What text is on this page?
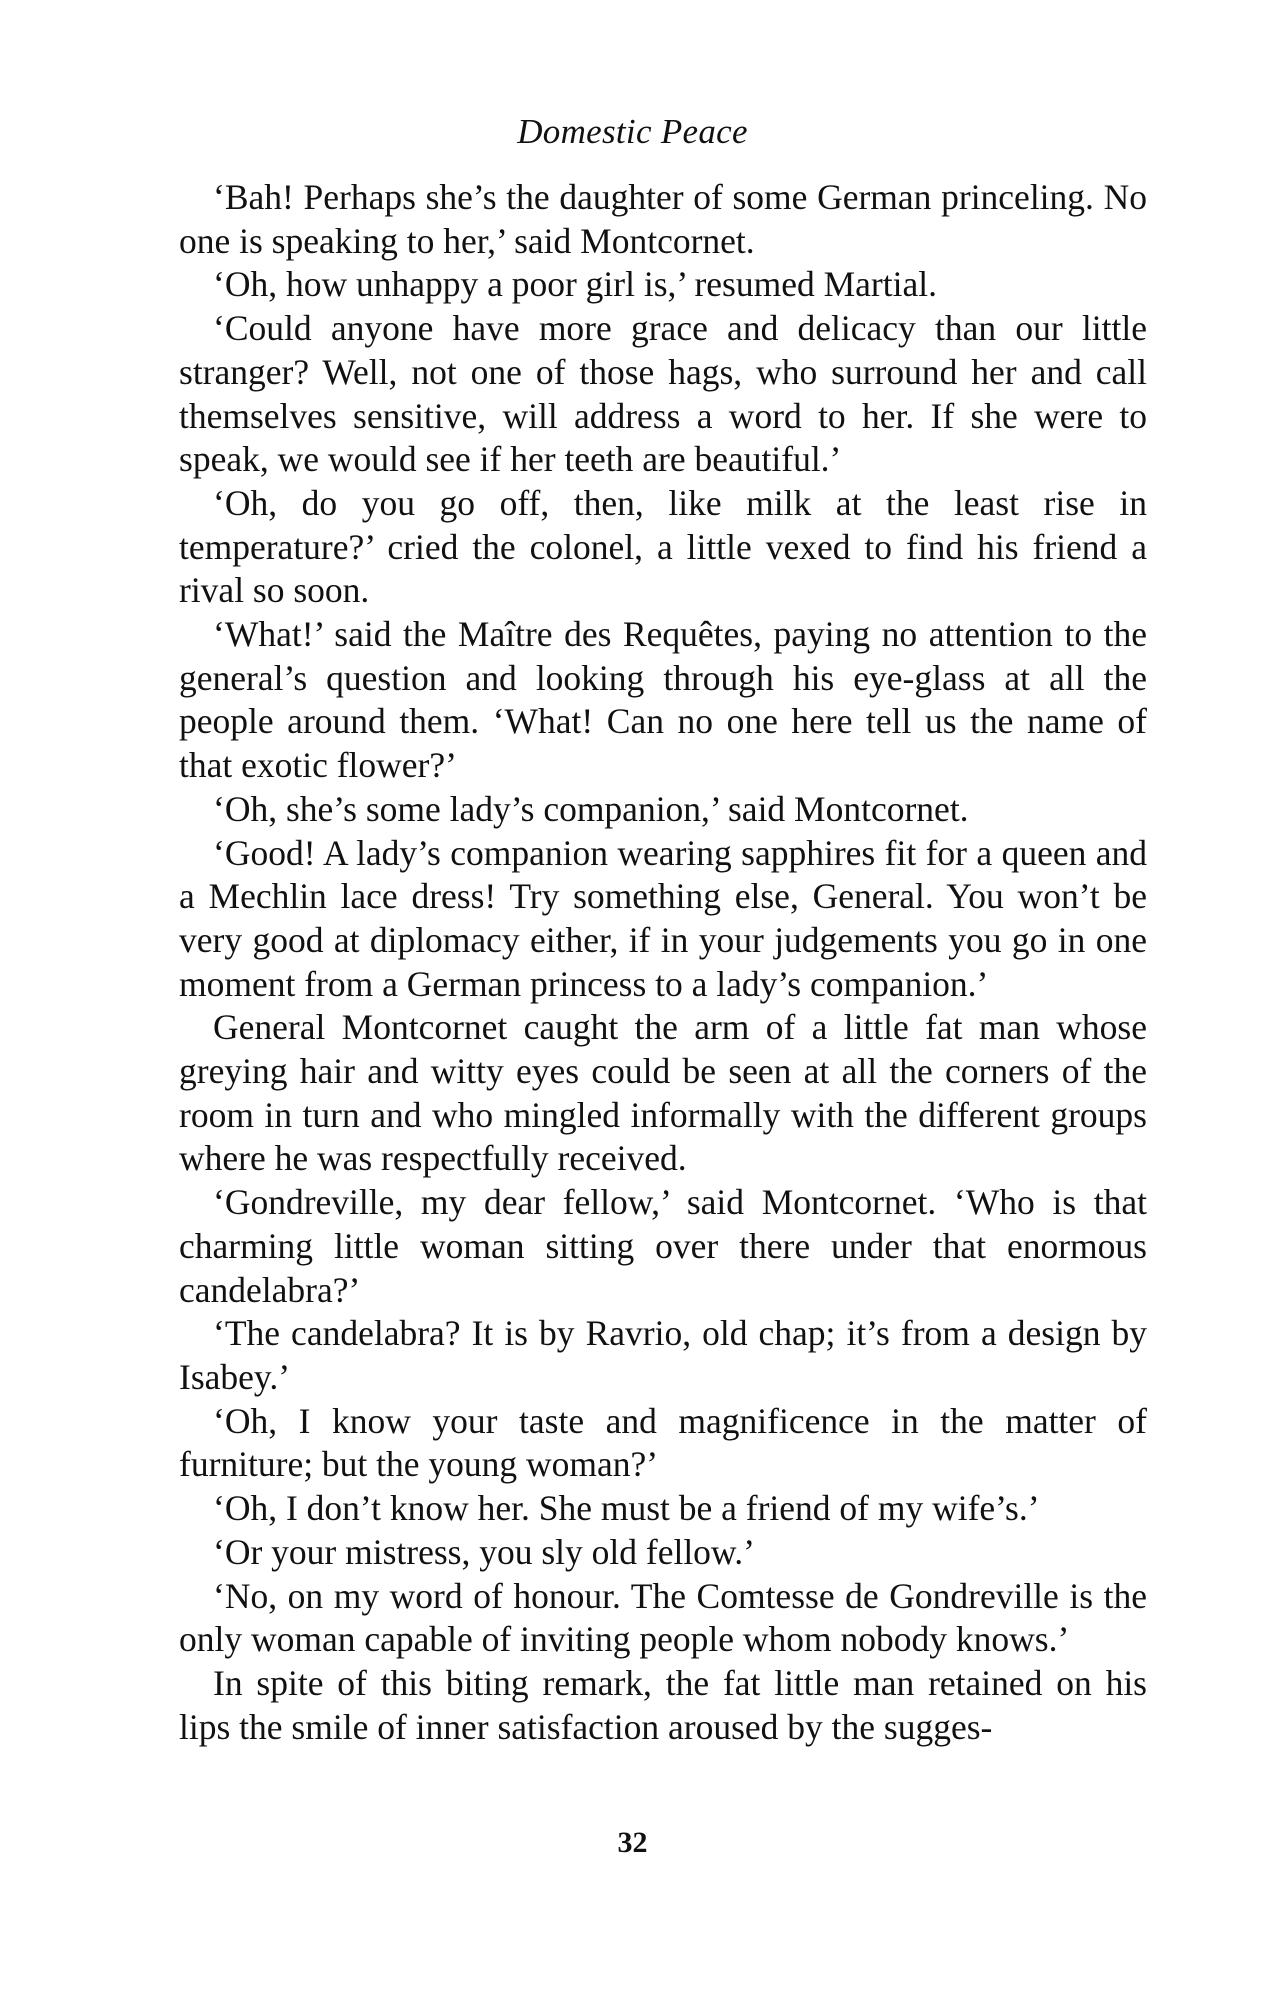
Domestic Peace

‘Bah! Perhaps she’s the daughter of some German princeling. No one is speaking to her,’ said Montcornet.

‘Oh, how unhappy a poor girl is,’ resumed Martial.

‘Could anyone have more grace and delicacy than our little stranger? Well, not one of those hags, who surround her and call themselves sensitive, will address a word to her. If she were to speak, we would see if her teeth are beautiful.’

‘Oh, do you go off, then, like milk at the least rise in temperature?’ cried the colonel, a little vexed to find his friend a rival so soon.

‘What!’ said the Maître des Requêtes, paying no attention to the general’s question and looking through his eye-glass at all the people around them. ‘What! Can no one here tell us the name of that exotic flower?’

‘Oh, she’s some lady’s companion,’ said Montcornet.

‘Good! A lady’s companion wearing sapphires fit for a queen and a Mechlin lace dress! Try something else, General. You won’t be very good at diplomacy either, if in your judgements you go in one moment from a German princess to a lady’s companion.’

General Montcornet caught the arm of a little fat man whose greying hair and witty eyes could be seen at all the corners of the room in turn and who mingled informally with the different groups where he was respectfully received.

‘Gondreville, my dear fellow,’ said Montcornet. ‘Who is that charming little woman sitting over there under that enormous candelabra?’

‘The candelabra? It is by Ravrio, old chap; it’s from a design by Isabey.’

‘Oh, I know your taste and magnificence in the matter of furniture; but the young woman?’

‘Oh, I don’t know her. She must be a friend of my wife’s.’

‘Or your mistress, you sly old fellow.’

‘No, on my word of honour. The Comtesse de Gondreville is the only woman capable of inviting people whom nobody knows.’

In spite of this biting remark, the fat little man retained on his lips the smile of inner satisfaction aroused by the sugges-

32
